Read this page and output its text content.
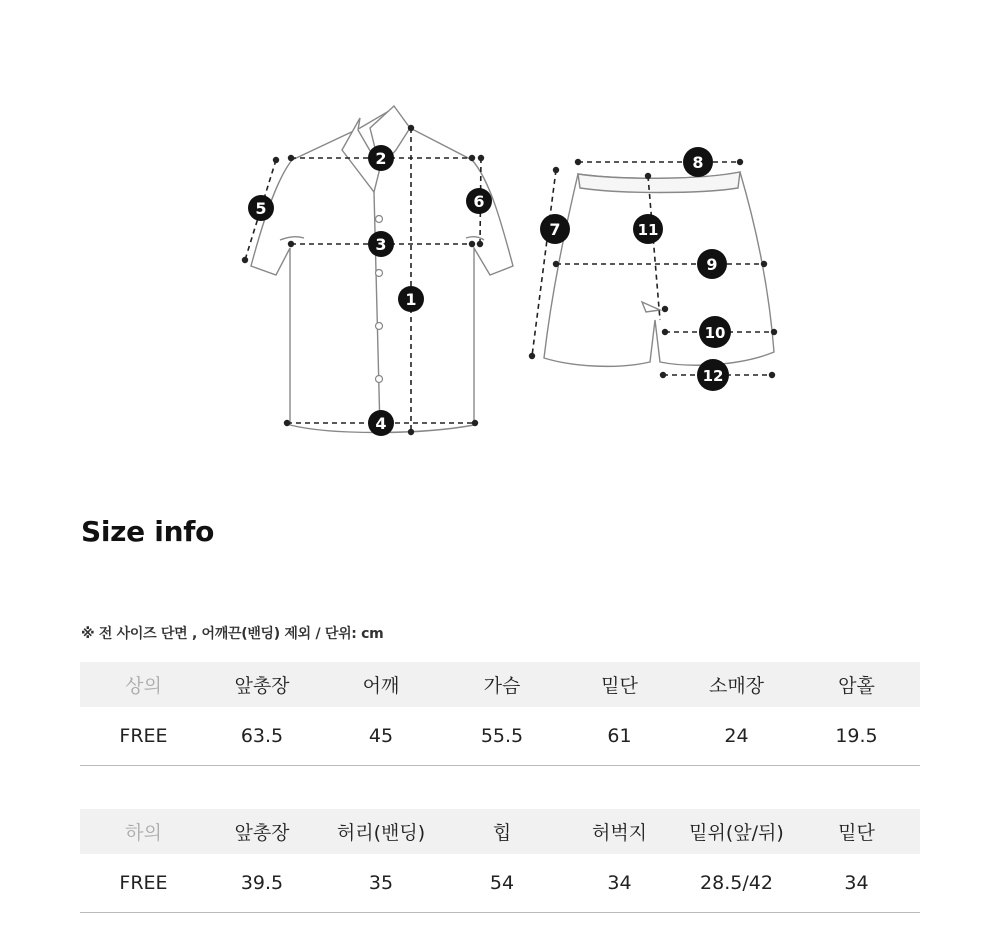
1
2
3
4
5	6
7
8
9
10
11
12
Size info
※ 전 사이즈 단면 , 어깨끈(밴딩) 제외 / 단위: cm
상의	앞총장	어깨	가슴	밑단	소매장	암홀
FREE	63.5	45	55.5	61	24	19.5
하의	앞총장	허리(밴딩)	힙	허벅지	밑위(앞/뒤)	밑단
FREE	39.5	35	54	34	28.5/42	34
